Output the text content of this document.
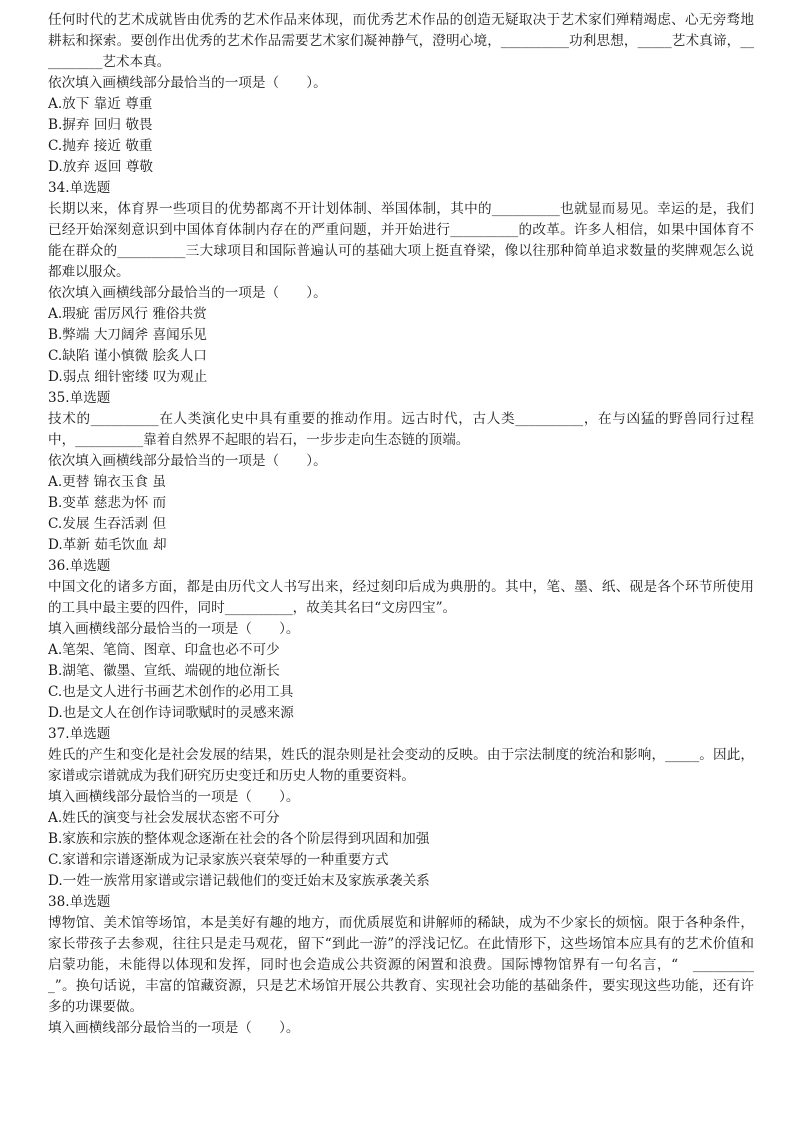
任何时代的艺术成就皆由优秀的艺术作品来体现，而优秀艺术作品的创造无疑取决于艺术家们殚精竭虑、心无旁骛地耕耘和探索。要创作出优秀的艺术作品需要艺术家们凝神静气，澄明心境，__________功利思想，_____艺术真谛，__________艺术本真。
依次填入画横线部分最恰当的一项是（　　）。
A.放下 靠近 尊重
B.摒弃 回归 敬畏
C.抛弃 接近 敬重
D.放弃 返回 尊敬
34.单选题
长期以来，体育界一些项目的优势都离不开计划体制、举国体制，其中的__________也就显而易见。幸运的是，我们已经开始深刻意识到中国体育体制内存在的严重问题，并开始进行__________的改革。许多人相信，如果中国体育不能在群众的__________三大球项目和国际普遍认可的基础大项上挺直脊梁，像以往那种简单追求数量的奖牌观怎么说都难以服众。
依次填入画横线部分最恰当的一项是（　　）。
A.瑕疵 雷厉风行 雅俗共赏
B.弊端 大刀阔斧 喜闻乐见
C.缺陷 谨小慎微 脍炙人口
D.弱点 细针密缕 叹为观止
35.单选题
技术的__________在人类演化史中具有重要的推动作用。远古时代，古人类__________，在与凶猛的野兽同行过程中，__________靠着自然界不起眼的岩石，一步步走向生态链的顶端。
依次填入画横线部分最恰当的一项是（　　）。
A.更替 锦衣玉食 虽
B.变革 慈悲为怀 而
C.发展 生吞活剥 但
D.革新 茹毛饮血 却
36.单选题
中国文化的诸多方面，都是由历代文人书写出来，经过刻印后成为典册的。其中，笔、墨、纸、砚是各个环节所使用的工具中最主要的四件，同时__________，故美其名曰“文房四宝”。
填入画横线部分最恰当的一项是（　　）。
A.笔架、笔筒、图章、印盒也必不可少
B.湖笔、徽墨、宣纸、端砚的地位渐长
C.也是文人进行书画艺术创作的必用工具
D.也是文人在创作诗词歌赋时的灵感来源
37.单选题
姓氏的产生和变化是社会发展的结果，姓氏的混杂则是社会变动的反映。由于宗法制度的统治和影响，_____。因此，家谱或宗谱就成为我们研究历史变迁和历史人物的重要资料。
填入画横线部分最恰当的一项是（　　）。
A.姓氏的演变与社会发展状态密不可分
B.家族和宗族的整体观念逐渐在社会的各个阶层得到巩固和加强
C.家谱和宗谱逐渐成为记录家族兴衰荣辱的一种重要方式
D.一姓一族常用家谱或宗谱记载他们的变迁始末及家族承袭关系
38.单选题
博物馆、美术馆等场馆，本是美好有趣的地方，而优质展览和讲解师的稀缺，成为不少家长的烦恼。限于各种条件，家长带孩子去参观，往往只是走马观花，留下“到此一游”的浮浅记忆。在此情形下，这些场馆本应具有的艺术价值和启蒙功能，未能得以体现和发挥，同时也会造成公共资源的闲置和浪费。国际博物馆界有一句名言，“　__________”。换句话说，丰富的馆藏资源，只是艺术场馆开展公共教育、实现社会功能的基础条件，要实现这些功能，还有许多的功课要做。
填入画横线部分最恰当的一项是（　　）。
